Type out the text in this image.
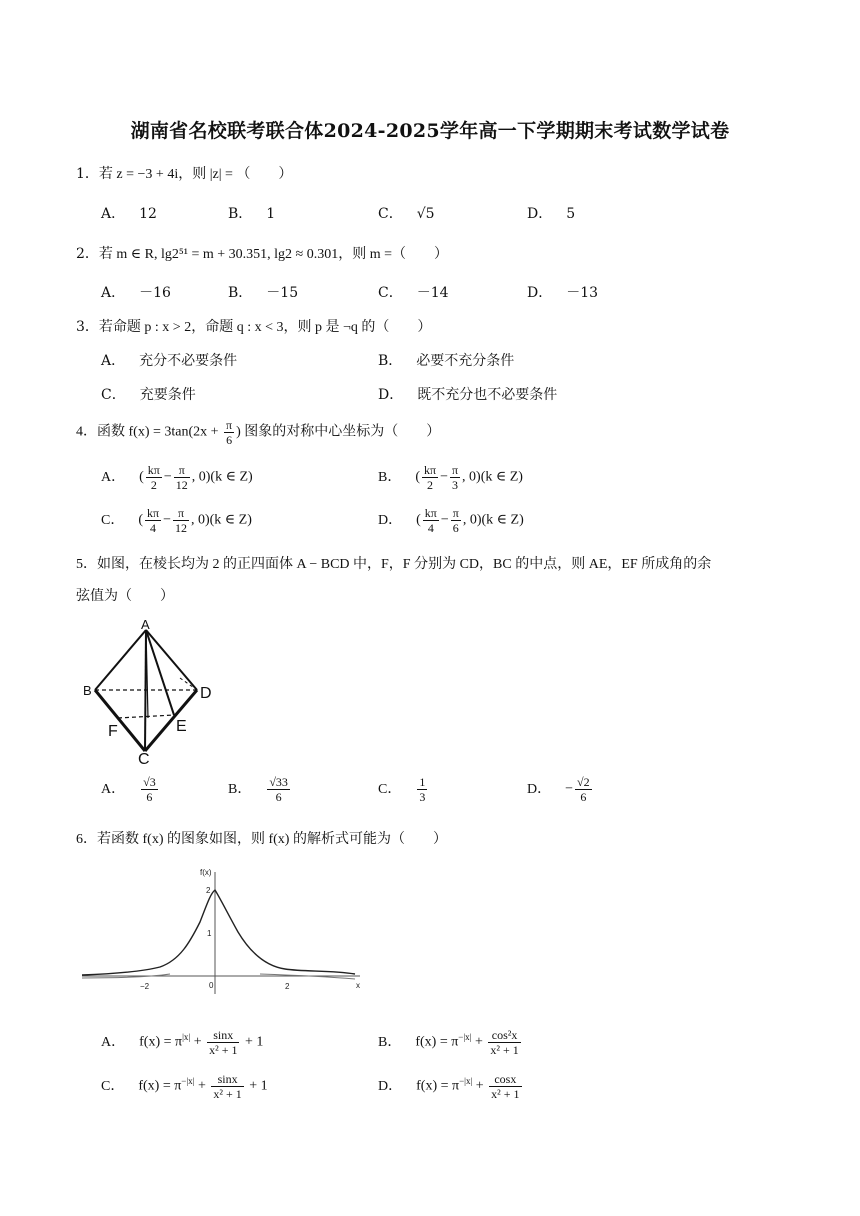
湖南省名校联考联合体2024-2025学年高一下学期期末考试数学试卷
1．若 z = −3 + 4i，则 |z| = （　　）
A． 12	B． 1	C． √5	D． 5
2．若 m ∈ R, lg2⁵¹ = m + 30.351, lg2 ≈ 0.301，则 m =（　　）
A． －16	B． －15	C． －14	D． －13
3．若命题 p : x > 2，命题 q : x < 3，则 p 是 ¬q 的（　　）
A． 充分不必要条件	B． 必要不充分条件
C． 充要条件	D． 既不充分也不必要条件
4．函数 $f(x) = 3\tan(2x + \frac{\pi}{6}$ ) 图象的对称中心坐标为（　　）
A． ( $\frac{k\pi}{2} - \frac{\pi}{12}$ , 0)(k ∈ Z)	B． ( $\frac{k\pi}{2} - \frac{\pi}{3}$ , 0)(k ∈ Z)
C． ( $\frac{k\pi}{4} - \frac{\pi}{12}$ , 0)(k ∈ Z)	D． ( $\frac{k\pi}{4} - \frac{\pi}{6}$ , 0)(k ∈ Z)
5．如图，在棱长均为 2 的正四面体 A − BCD 中，F，F 分别为 CD，BC 的中点，则 AE，EF 所成角的余
弦值为（　　）
A
B	D
F	E
C
A． $\frac{√3}{6}$	B． $\frac{√33}{6}$	C． $\frac{1}{3}$	D． − $\frac{√2}{6}$
6．若函数 f(x) 的图象如图，则 f(x) 的解析式可能为（　　）
f(x)
x
2
1
0
−2	2
A． $f(x) = \pi^{|x|} + \frac{\sin x}{\text{x² + 1}} + 1$	B． $f(x) = \pi^{-|x|} + \frac{\text{cos²x}}{\text{x² + 1}}$
C． $f(x) = \pi^{-|x|} + \frac{\sin x}{\text{x² + 1}} + 1$	D． $f(x) = \pi^{-|x|} + \frac{\cos x}{\text{x² + 1}}$
